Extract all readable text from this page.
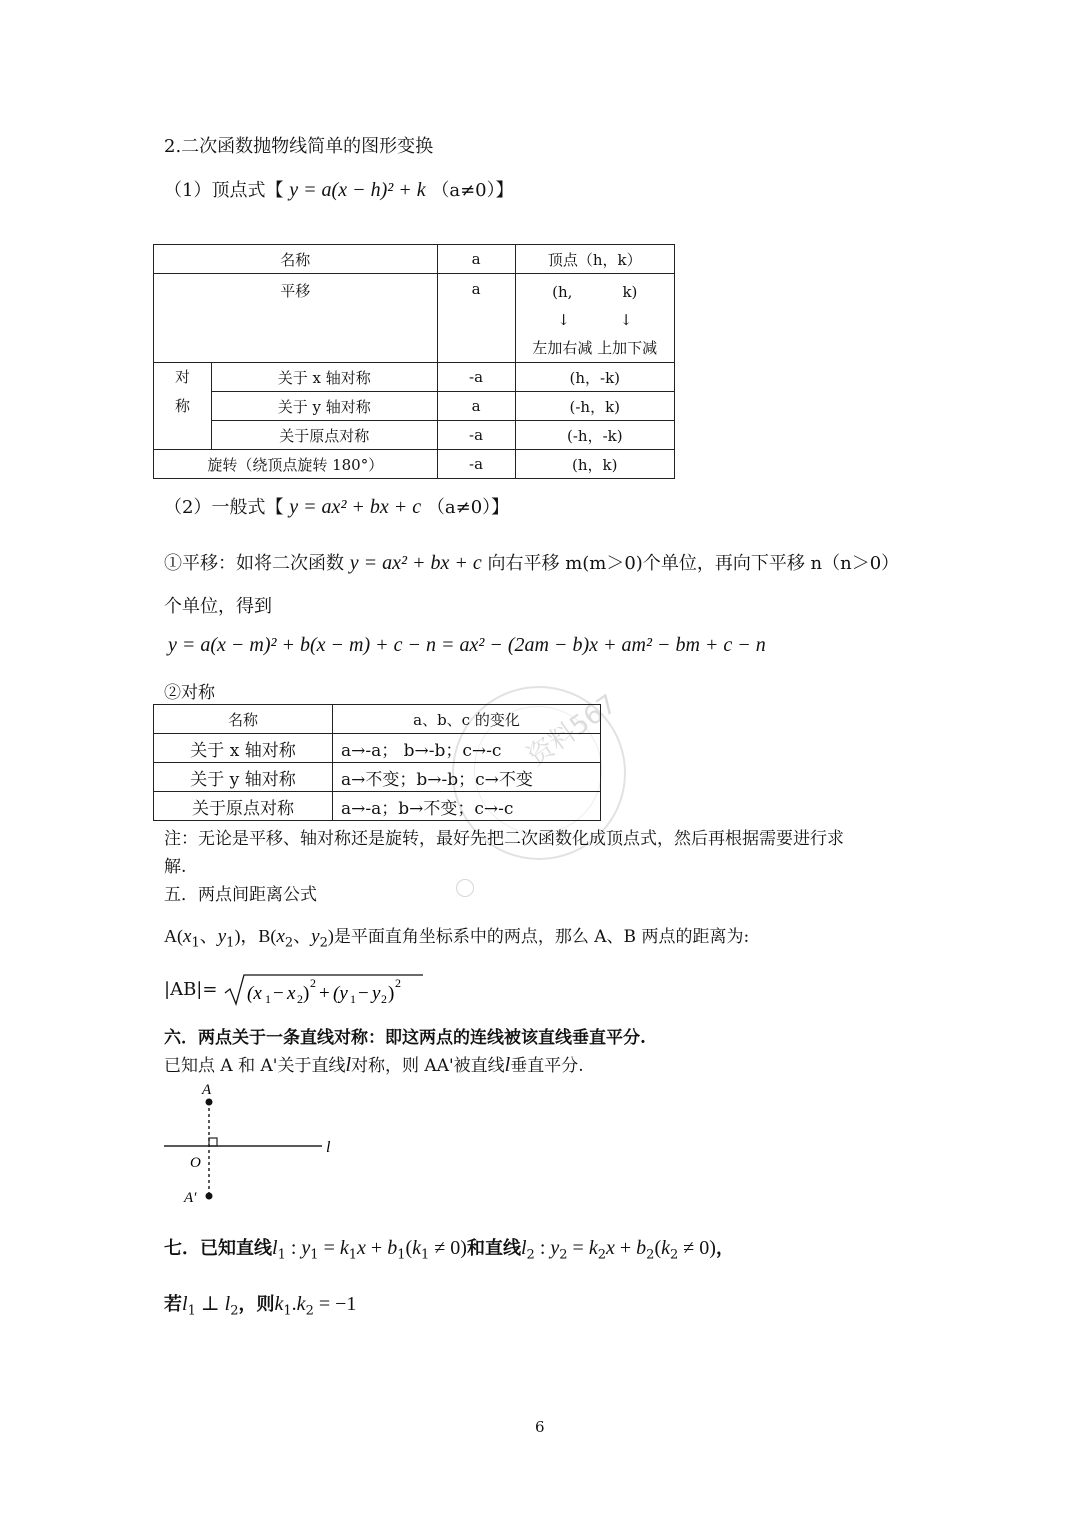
资料567
2.二次函数抛物线简单的图形变换
（1）顶点式【 y = a(x − h)² + k （a≠0）】
名称		a	顶点（h，k）
平移		a	(h, k)
↓ ↓
左加右减 上加下减

对
称	关于 x 轴对称	-a	(h，-k)
	关于 y 轴对称	a	(-h，k)
	关于原点对称	-a	(-h，-k)
旋转（绕顶点旋转 180°）		-a	(h，k)
（2）一般式【 y = ax² + bx + c （a≠0）】
①平移：如将二次函数 y = ax² + bx + c 向右平移 m(m＞0)个单位，再向下平移 n（n＞0）
个单位，得到
y = a(x − m)² + b(x − m) + c − n = ax² − (2am − b)x + am² − bm + c − n
②对称
名称	a、b、c 的变化
关于 x 轴对称	a→-a； b→-b；c→-c
关于 y 轴对称	a→不变；b→-b；c→不变
关于原点对称	a→-a；b→不变；c→-c
注：无论是平移、轴对称还是旋转，最好先把二次函数化成顶点式，然后再根据需要进行求
解.
五．两点间距离公式
$A(x_1$、$y_1$)，$B(x_2$、$y_2$)是平面直角坐标系中的两点，那么 A、B 两点的距离为:
|AB|= (x 1 − x 2 ) 2 + (y 1 − y 2 ) 2
六．两点关于一条直线对称：即这两点的连线被该直线垂直平分.
已知点 A 和 A'关于直线l对称，则 AA'被直线l垂直平分.
A
O
A′
l
七．已知直线$l_1$ : $y_1 = k_1x + b_1(k_1 \ne 0)$和直线$l_2$ : $y_2 = k_2x + b_2(k_2 \ne 0)$，
若$l_1$ ⊥ $l_2$，则$k_1.k_2 = -1$
6
